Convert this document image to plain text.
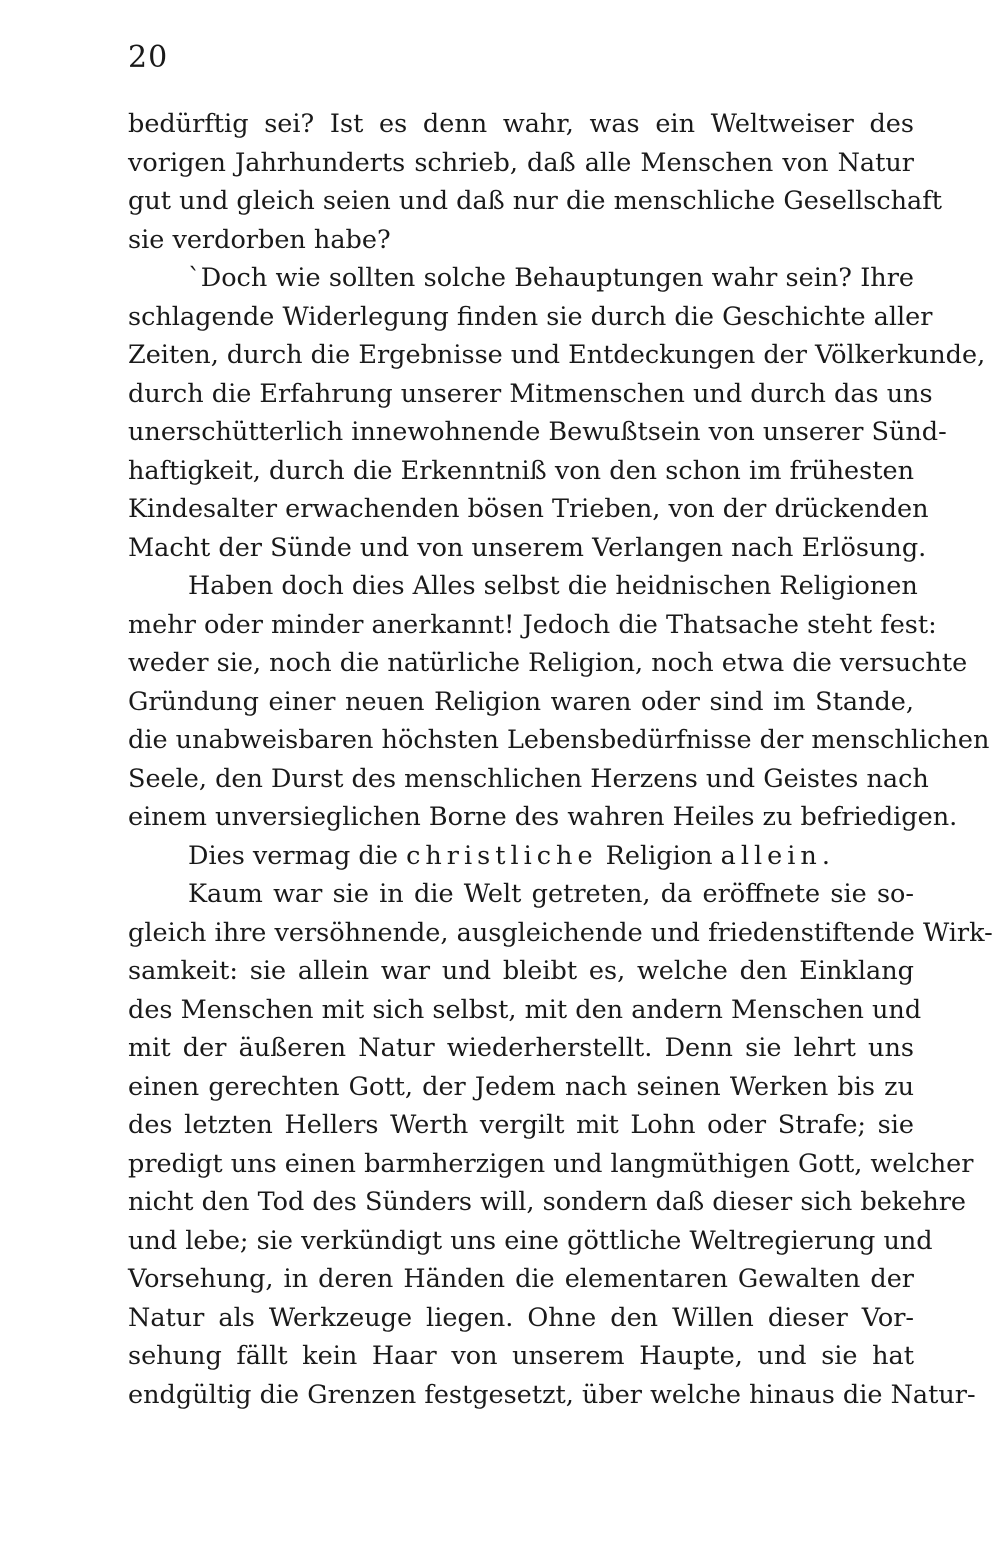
20
bedürftig sei? Ist es denn wahr, was ein Weltweiser des
vorigen Jahrhunderts schrieb, daß alle Menschen von Natur
gut und gleich seien und daß nur die menschliche Gesellschaft
sie verdorben habe?
`Doch wie sollten solche Behauptungen wahr sein? Ihre
schlagende Widerlegung finden sie durch die Geschichte aller
Zeiten, durch die Ergebnisse und Entdeckungen der Völkerkunde,
durch die Erfahrung unserer Mitmenschen und durch das uns
unerschütterlich innewohnende Bewußtsein von unserer Sünd-
haftigkeit, durch die Erkenntniß von den schon im frühesten
Kindesalter erwachenden bösen Trieben, von der drückenden
Macht der Sünde und von unserem Verlangen nach Erlösung.
Haben doch dies Alles selbst die heidnischen Religionen
mehr oder minder anerkannt! Jedoch die Thatsache steht fest:
weder sie, noch die natürliche Religion, noch etwa die versuchte
Gründung einer neuen Religion waren oder sind im Stande,
die unabweisbaren höchsten Lebensbedürfnisse der menschlichen
Seele, den Durst des menschlichen Herzens und Geistes nach
einem unversieglichen Borne des wahren Heiles zu befriedigen.
Dies vermag die christliche Religion allein.
Kaum war sie in die Welt getreten, da eröffnete sie so-
gleich ihre versöhnende, ausgleichende und friedenstiftende Wirk-
samkeit: sie allein war und bleibt es, welche den Einklang
des Menschen mit sich selbst, mit den andern Menschen und
mit der äußeren Natur wiederherstellt. Denn sie lehrt uns
einen gerechten Gott, der Jedem nach seinen Werken bis zu
des letzten Hellers Werth vergilt mit Lohn oder Strafe; sie
predigt uns einen barmherzigen und langmüthigen Gott, welcher
nicht den Tod des Sünders will, sondern daß dieser sich bekehre
und lebe; sie verkündigt uns eine göttliche Weltregierung und
Vorsehung, in deren Händen die elementaren Gewalten der
Natur als Werkzeuge liegen. Ohne den Willen dieser Vor-
sehung fällt kein Haar von unserem Haupte, und sie hat
endgültig die Grenzen festgesetzt, über welche hinaus die Natur-
